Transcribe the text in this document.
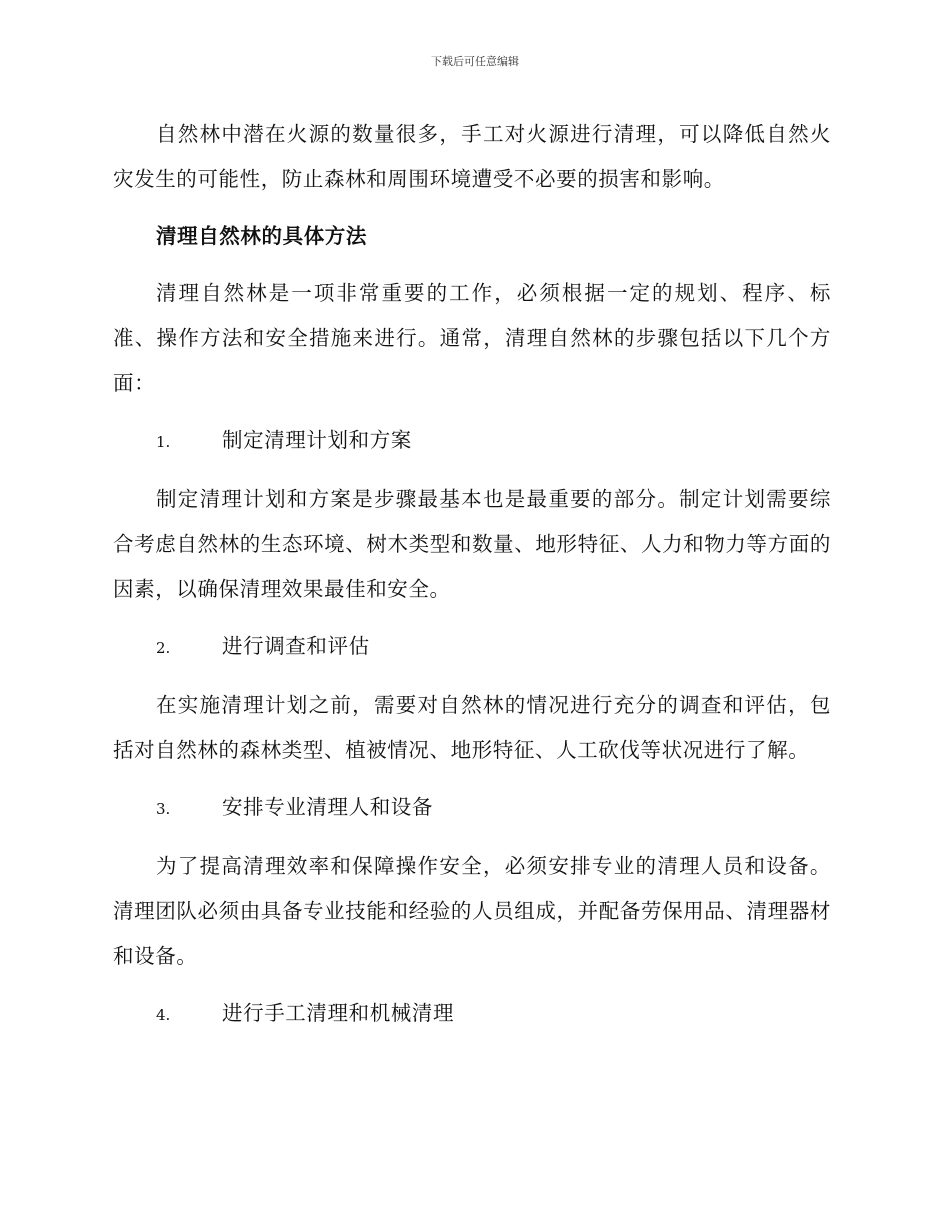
下载后可任意编辑

自然林中潜在火源的数量很多，手工对火源进行清理，可以降低自然火灾发生的可能性，防止森林和周围环境遭受不必要的损害和影响。

清理自然林的具体方法

清理自然林是一项非常重要的工作，必须根据一定的规划、程序、标准、操作方法和安全措施来进行。通常，清理自然林的步骤包括以下几个方面：

1.	制定清理计划和方案

制定清理计划和方案是步骤最基本也是最重要的部分。制定计划需要综合考虑自然林的生态环境、树木类型和数量、地形特征、人力和物力等方面的因素，以确保清理效果最佳和安全。

2.	进行调查和评估

在实施清理计划之前，需要对自然林的情况进行充分的调查和评估，包括对自然林的森林类型、植被情况、地形特征、人工砍伐等状况进行了解。

3.	安排专业清理人和设备

为了提高清理效率和保障操作安全，必须安排专业的清理人员和设备。清理团队必须由具备专业技能和经验的人员组成，并配备劳保用品、清理器材和设备。

4.	进行手工清理和机械清理
